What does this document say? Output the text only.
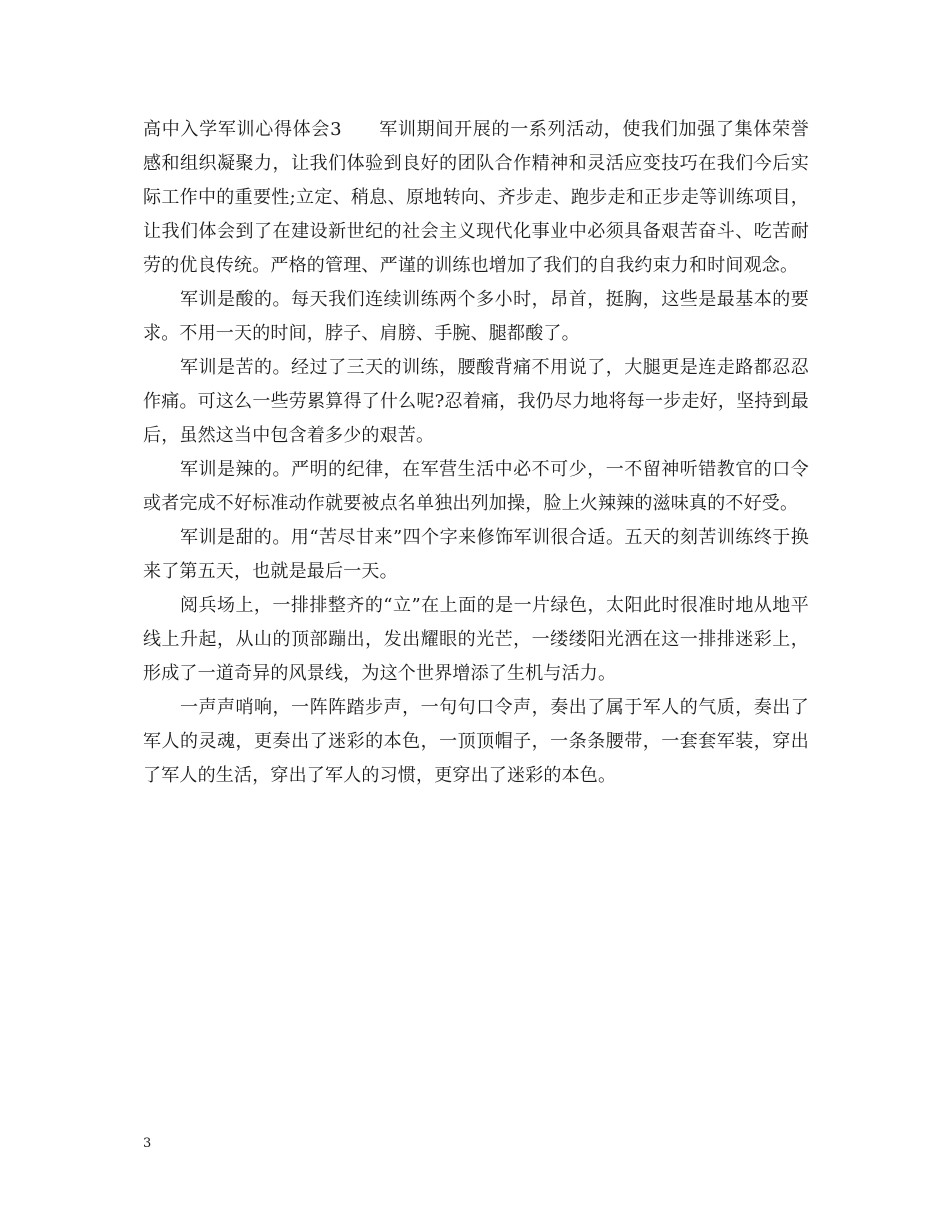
高中入学军训心得体会3 军训期间开展的一系列活动，使我们加强了集体荣誉感和组织凝聚力，让我们体验到良好的团队合作精神和灵活应变技巧在我们今后实际工作中的重要性;立定、稍息、原地转向、齐步走、跑步走和正步走等训练项目，让我们体会到了在建设新世纪的社会主义现代化事业中必须具备艰苦奋斗、吃苦耐劳的优良传统。严格的管理、严谨的训练也增加了我们的自我约束力和时间观念。

军训是酸的。每天我们连续训练两个多小时，昂首，挺胸，这些是最基本的要求。不用一天的时间，脖子、肩膀、手腕、腿都酸了。

军训是苦的。经过了三天的训练，腰酸背痛不用说了，大腿更是连走路都忍忍作痛。可这么一些劳累算得了什么呢?忍着痛，我仍尽力地将每一步走好，坚持到最后，虽然这当中包含着多少的艰苦。

军训是辣的。严明的纪律，在军营生活中必不可少，一不留神听错教官的口令或者完成不好标准动作就要被点名单独出列加操，脸上火辣辣的滋味真的不好受。

军训是甜的。用“苦尽甘来”四个字来修饰军训很合适。五天的刻苦训练终于换来了第五天，也就是最后一天。

阅兵场上，一排排整齐的“立”在上面的是一片绿色，太阳此时很准时地从地平线上升起，从山的顶部蹦出，发出耀眼的光芒，一缕缕阳光洒在这一排排迷彩上，形成了一道奇异的风景线，为这个世界增添了生机与活力。

一声声哨响，一阵阵踏步声，一句句口令声，奏出了属于军人的气质，奏出了军人的灵魂，更奏出了迷彩的本色，一顶顶帽子，一条条腰带，一套套军装，穿出了军人的生活，穿出了军人的习惯，更穿出了迷彩的本色。

3
